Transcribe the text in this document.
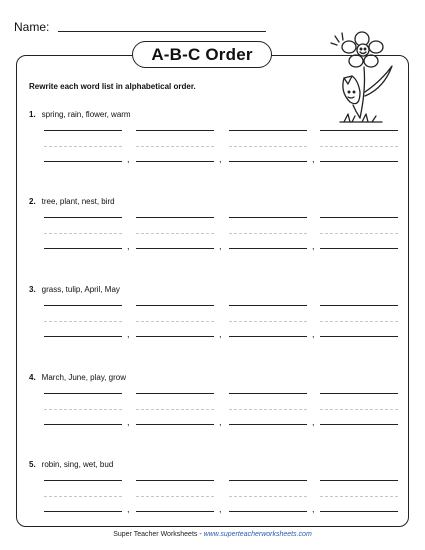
Name:
A-B-C Order
Rewrite each word list in alphabetical order.
1. spring, rain, flower, warm
,	,	,
2. tree, plant, nest, bird
,	,	,
3. grass, tulip, April, May
,	,	,
4. March, June, play, grow
,	,	,
5. robin, sing, wet, bud
,	,	,
Super Teacher Worksheets - www.superteacherworksheets.com
